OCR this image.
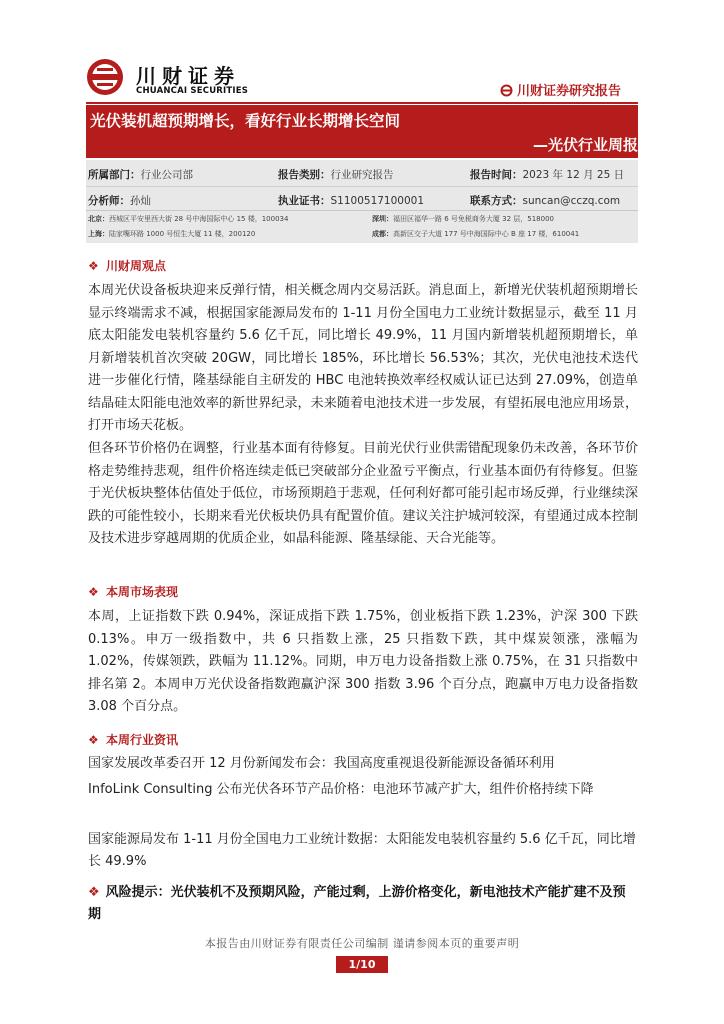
川财证券
CHUANCAI SECURITIES	川财证券研究报告
光伏装机超预期增长，看好行业长期增长空间
—光伏行业周报
所属部门：行业公司部	报告类别：行业研究报告	报告时间：2023 年 12 月 25 日
分析师：孙灿	执业证书：S1100517100001	联系方式：suncan@cczq.com
北京：西城区平安里西大街 28 号中海国际中心 15 楼，100034	深圳：福田区福华一路 6 号免税商务大厦 32 层，518000
上海：陆家嘴环路 1000 号恒生大厦 11 楼，200120	成都：高新区交子大道 177 号中海国际中心 B 座 17 楼，610041
❖ 川财周观点
本周光伏设备板块迎来反弹行情，相关概念周内交易活跃。消息面上，新增光伏装机超预期增长显示终端需求不减，根据国家能源局发布的 1-11 月份全国电力工业统计数据显示，截至 11 月底太阳能发电装机容量约 5.6 亿千瓦，同比增长 49.9%，11 月国内新增装机超预期增长，单月新增装机首次突破 20GW，同比增长 185%，环比增长 56.53%；其次，光伏电池技术迭代进一步催化行情，隆基绿能自主研发的 HBC 电池转换效率经权威认证已达到 27.09%，创造单结晶硅太阳能电池效率的新世界纪录，未来随着电池技术进一步发展，有望拓展电池应用场景，打开市场天花板。
但各环节价格仍在调整，行业基本面有待修复。目前光伏行业供需错配现象仍未改善，各环节价格走势维持悲观，组件价格连续走低已突破部分企业盈亏平衡点，行业基本面仍有待修复。但鉴于光伏板块整体估值处于低位，市场预期趋于悲观，任何利好都可能引起市场反弹，行业继续深跌的可能性较小，长期来看光伏板块仍具有配置价值。建议关注护城河较深，有望通过成本控制及技术进步穿越周期的优质企业，如晶科能源、隆基绿能、天合光能等。
❖ 本周市场表现
本周，上证指数下跌 0.94%，深证成指下跌 1.75%，创业板指下跌 1.23%，沪深 300 下跌 0.13%。申万一级指数中，共 6 只指数上涨，25 只指数下跌，其中煤炭领涨，涨幅为 1.02%，传媒领跌，跌幅为 11.12%。同期，申万电力设备指数上涨 0.75%，在 31 只指数中排名第 2。本周申万光伏设备指数跑赢沪深 300 指数 3.96 个百分点，跑赢申万电力设备指数 3.08 个百分点。
❖ 本周行业资讯
国家发展改革委召开 12 月份新闻发布会：我国高度重视退役新能源设备循环利用
InfoLink Consulting 公布光伏各环节产品价格：电池环节减产扩大，组件价格持续下降
国家能源局发布 1-11 月份全国电力工业统计数据：太阳能发电装机容量约 5.6 亿千瓦，同比增长 49.9%
❖ 风险提示：光伏装机不及预期风险，产能过剩，上游价格变化，新电池技术产能扩建不及预期
本报告由川财证券有限责任公司编制 谨请参阅本页的重要声明
1/10
